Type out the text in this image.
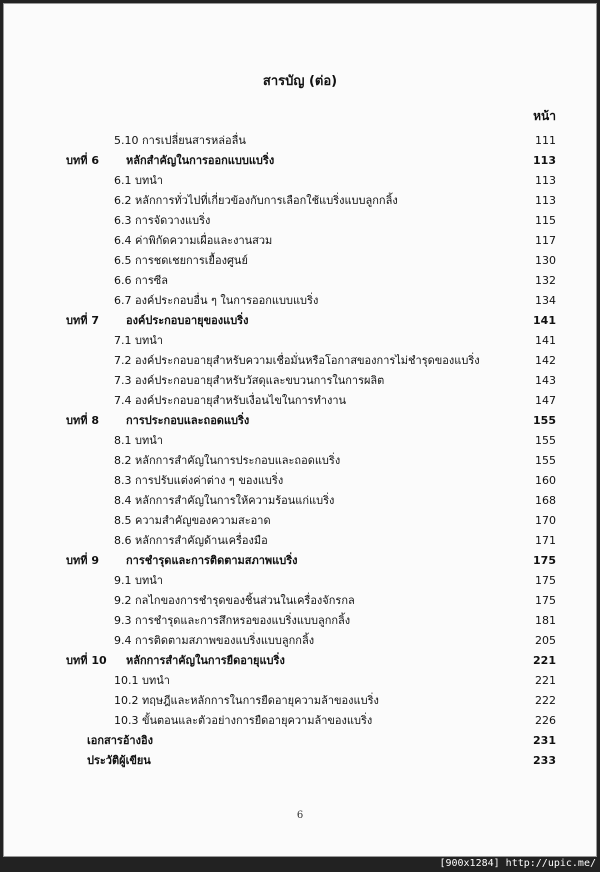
สารบัญ (ต่อ)
หน้า
5.10 การเปลี่ยนสารหล่อลื่น	111
บทที่ 6 หลักสำคัญในการออกแบบแบริ่ง	113
6.1 บทนำ	113
6.2 หลักการทั่วไปที่เกี่ยวข้องกับการเลือกใช้แบริ่งแบบลูกกลิ้ง	113
6.3 การจัดวางแบริ่ง	115
6.4 ค่าพิกัดความเผื่อและงานสวม	117
6.5 การชดเชยการเยื้องศูนย์	130
6.6 การซีล	132
6.7 องค์ประกอบอื่น ๆ ในการออกแบบแบริ่ง	134
บทที่ 7 องค์ประกอบอายุของแบริ่ง	141
7.1 บทนำ	141
7.2 องค์ประกอบอายุสำหรับความเชื่อมั่นหรือโอกาสของการไม่ชำรุดของแบริ่ง	142
7.3 องค์ประกอบอายุสำหรับวัสดุและขบวนการในการผลิต	143
7.4 องค์ประกอบอายุสำหรับเงื่อนไขในการทำงาน	147
บทที่ 8 การประกอบและถอดแบริ่ง	155
8.1 บทนำ	155
8.2 หลักการสำคัญในการประกอบและถอดแบริ่ง	155
8.3 การปรับแต่งค่าต่าง ๆ ของแบริ่ง	160
8.4 หลักการสำคัญในการให้ความร้อนแก่แบริ่ง	168
8.5 ความสำคัญของความสะอาด	170
8.6 หลักการสำคัญด้านเครื่องมือ	171
บทที่ 9 การชำรุดและการติดตามสภาพแบริ่ง	175
9.1 บทนำ	175
9.2 กลไกของการชำรุดของชิ้นส่วนในเครื่องจักรกล	175
9.3 การชำรุดและการสึกหรอของแบริ่งแบบลูกกลิ้ง	181
9.4 การติดตามสภาพของแบริ่งแบบลูกกลิ้ง	205
บทที่ 10 หลักการสำคัญในการยืดอายุแบริ่ง	221
10.1 บทนำ	221
10.2 ทฤษฎีและหลักการในการยืดอายุความล้าของแบริ่ง	222
10.3 ขั้นตอนและตัวอย่างการยืดอายุความล้าของแบริ่ง	226
เอกสารอ้างอิง	231
ประวัติผู้เขียน	233
6
[900x1284] http://upic.me/
